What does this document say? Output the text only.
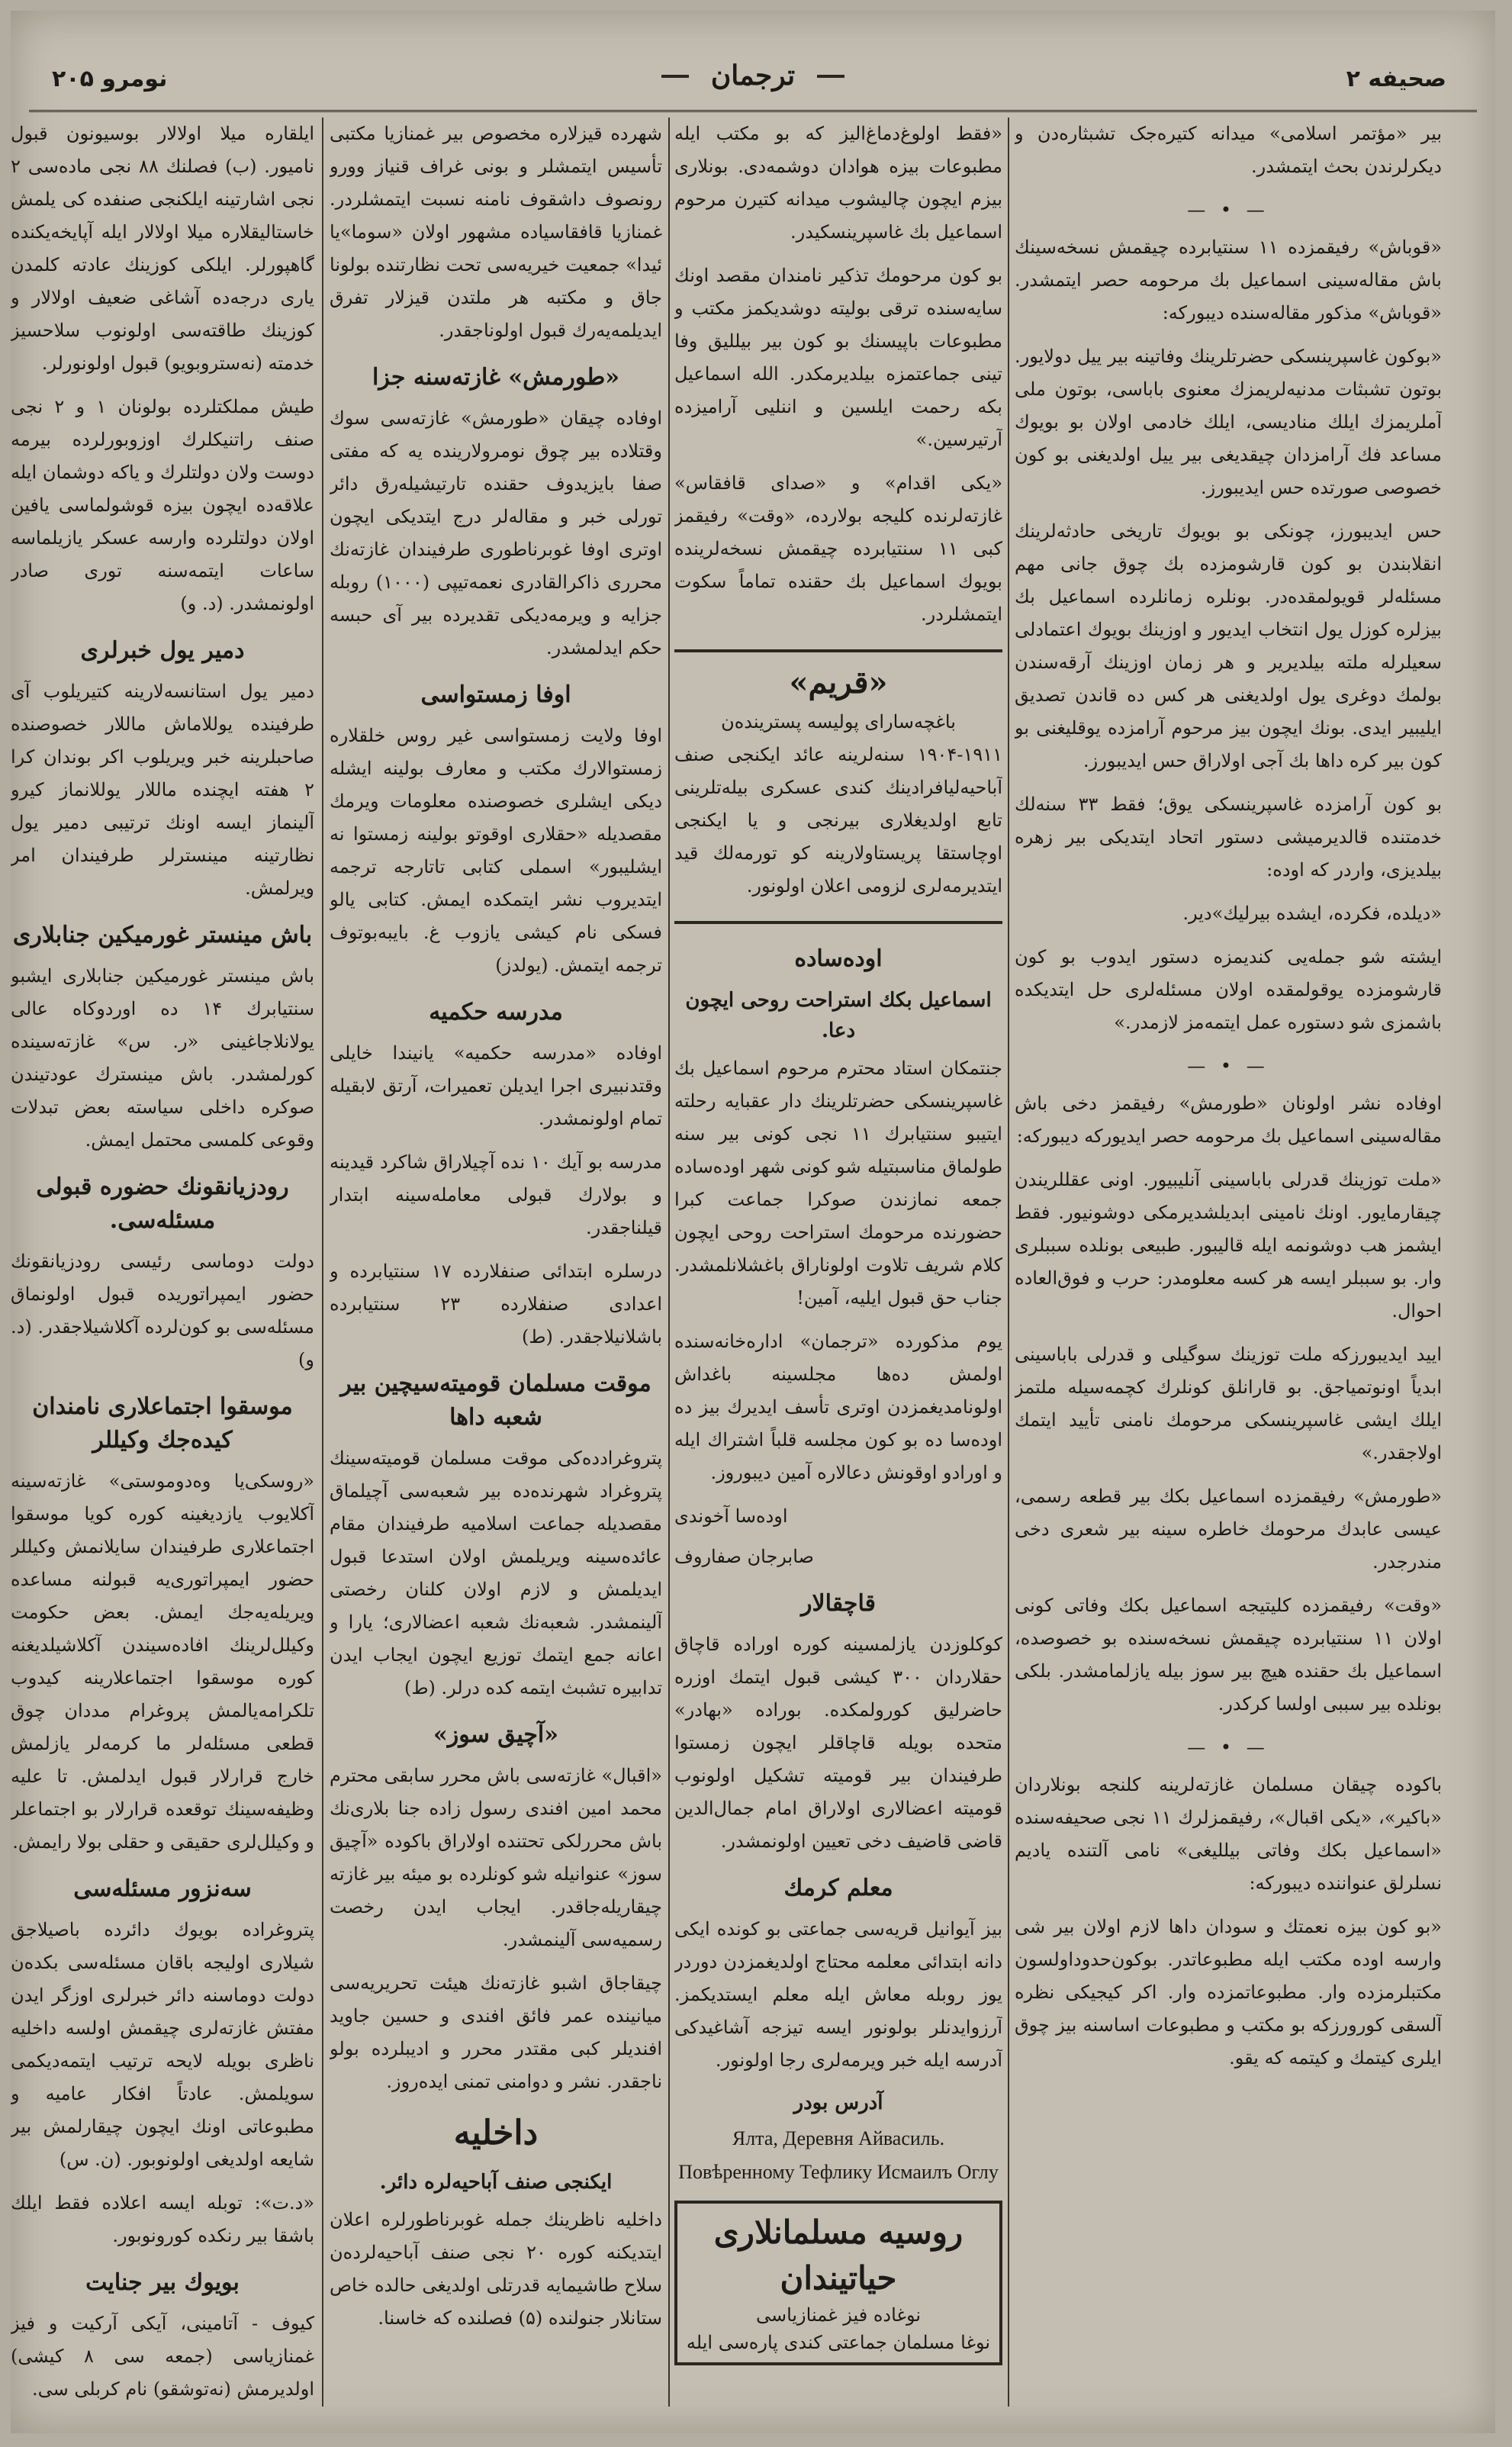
نومرو ۲۰۵	ترجمان	صحیفه ۲

بیر «مؤتمر اسلامی» میدانه کتیره‌جک تشبثاره‌دن و دیکرلرندن بحث ایتمشدر.

— • —

«قوباش» رفیقمزده ۱۱ سنتیابرده چیقمش نسخه‌سینك باش مقاله‌سینی اسماعیل بك مرحومه حصر ایتمشدر. «قوباش» مذکور مقاله‌سنده دیبورکه:

«بوکون غاسپرینسکی حضرتلرینك وفاتینه بیر ییل دولایور. بوتون تشبثات مدنیه‌لریمزك معنوی باباسی، بوتون ملی آملریمزك ایلك مناد‌یسی، ایلك خادمی اولان بو بویوك مساعد فك آرامزدان چیقدیغی بیر ییل اولدیغنی بو کون خصوصی صورتده حس ایدیبورز.

حس ایدیبورز، چونکی بو بویوك تاریخی حادثه‌لرینك انقلابندن بو کون قارشومزده بك چوق جانی مهم مسئله‌لر قویولمقده‌در. بونلره زمانلرده اسماعیل بك بیزلره کوزل یول انتخاب ایدیور و اوزینك بویوك اعتمادلی سعیلرله ملته بیلدیریر و هر زمان اوزینك آرقه‌سندن بولمك دوغری یول اولدیغنی هر کس ده قاندن تصدیق ایلیبیر ایدی. بونك ایچون بیز مرحوم آرامزده یوقلیغنی بو کون بیر کره داها بك آجی اولاراق حس ایدیبورز.

بو کون آرامزده غاسپرینسکی یوق؛ فقط ۳۳ سنه‌لك خدمتنده قالدیرمیشی دستور اتحاد ایتدیکی بیر زهره بیلدیزی، واردر که اوده:

«دیلده، فکرده، ایشده بیرلیك»دیر.

ایشته شو جمله‌یی کندیمزه دستور ایدوب بو کون قارشومزده یوقولمقده اولان مسئله‌لری حل ایتدیکده باشمزی شو دستوره عمل ایتمه‌مز لازمدر.»

— • —

اوفاده نشر اولونان «طورمش» رفیقمز دخی باش مقاله‌سینی اسماعیل بك مرحومه حصر ایدیورکه دیبورکه:

«ملت توزینك قدرلی باباسینی آنلیبیور. اونی عقللریندن چیقارمایور. اونك نامینی ابدیلشدیرمکی دوشونیور. فقط ایشمز هب دوشونمه ایله قالیبور. طبیعی بونلده سببلری وار. بو سببلر ایسه هر کسه معلومدر: حرب و فوق‌العاده احوال.

ایید ایدیبورزکه ملت توزینك سوگیلی و قدرلی باباسینی ابدیاً اونوتمیاجق. بو قارانلق کونلرك کچمه‌سیله ملتمز ایلك ایشی غاسپرینسکی مرحومك نامنی تأیید ایتمك اولاجقدر.»

«طورمش» رفیقمزده اسماعیل بکك بیر قطعه رسمی، عیسی عابدك مرحومك خاطره سینه بیر شعری دخی مندرجدر.

«وقت» رفیقمزده کلیتیجه اسماعیل بکك وفاتی کونی اولان ۱۱ سنتیابرده چیقمش نسخه‌سنده بو خصوصده، اسماعیل بك حقنده هیچ بیر سوز بیله یازلمامشدر. بلکی بونلده بیر سببی اولسا کرکدر.

— • —

باکوده چیقان مسلمان غازته‌لرینه کلنجه بونلاردان «باکیر»، «یکی اقبال»، رفیقمزلرك ۱۱ نجی صحیفه‌سنده «اسماعیل بکك وفاتی بیللیغی» نامی آلتنده یادیم نسلرلق عنواننده دیبورکه:

«بو کون بیزه نعمتك و سودان داها لازم اولان بیر شی وارسه اوده مکتب ایله مطبوعاتدر. بوکون‌حدوداولسون مکتبلرمزده وار. مطبوعاتمزده وار. اکر کیجیکی نظره آلسقی کورورزکه بو مکتب و مطبوعات اساسنه بیز چوق ایلری کیتمك و کیتمه که یقو.

«فقط اولوغ‌دماغ‌الیز که بو مکتب ایله مطبوعات بیزه هوادان دوشمه‌دی. بونلاری بیزم ایچون چالیشوب میدانه کتیرن مرحوم اسماعیل بك غاسپرینسکیدر.

بو کون مرحومك تذکیر نامندان مقصد اونك سایه‌سنده ترقی بولیته دوشدیکمز مکتب و مطبوعات باپیسنك بو کون بیر بیللیق وفا تینی جماعتمزه بیلدیرمکدر. الله اسماعیل بکه رحمت ایلسین و اننلیی آرامیزده آرتیرسین.»

«یکی اقدام» و «صدای قافقاس» غازته‌لرنده کلیجه بولارده، «وقت» رفیقمز کبی ۱۱ سنتیابرده چیقمش نسخه‌لرینده بویوك اسماعیل بك حقنده تماماً سکوت ایتمشلردر.

«قریم»
باغچه‌سارای پولیسه پسترینده‌ن

۱۹۰۴-۱۹۱۱ سنه‌لرینه عائد ایکنجی صنف آباحیه‌لیافرادینك کندی عسکری بیله‌تلرینی تابع اولدیغلاری بیرنجی و یا ایکنجی اوچاستقا پریستاولارینه کو تورمه‌لك قید ایتدیرمه‌لری لزومی اعلان اولونور.

اوده‌ساده
اسماعیل بکك استراحت روحی ایچون دعا.

جنتمکان استاد محترم مرحوم اسماعیل بك غاسپرینسکی حضرتلرینك دار عقبایه رحلته ایتیبو سنتیابرك ۱۱ نجی کونی بیر سنه طولماق مناسبتیله شو کونی شهر اوده‌ساده جمعه نمازندن صوکرا جماعت کبرا حضورنده مرحومك استراحت روحی ایچون کلام شریف تلاوت اولوناراق باغشلانلمشدر. جناب حق قبول ایلیه، آمین!

یوم مذکورده «ترجمان» اداره‌خانه‌سنده اولمش ده‌ها مجلسینه باغداش اولونامدیغمزدن اوتری تأسف ایدیرك بیز ده اوده‌سا ده بو کون مجلسه قلباً اشتراك ایله و اورادو اوقونش دعالاره آمین دیبوروز.

اوده‌سا آخوندی
صابرجان صفاروف
قاچقالار

کوکلوزدن یازلمسینه کوره اوراده قاچاق حقلاردان ۳۰۰ کیشی قبول ایتمك اوزره حاضرلیق کورولمکده. بوراده «بهادر» متحده بویله قاچاقلر ایچون زمستوا طرفیندان بیر قومیته تشکیل اولونوب قومیته اعضالاری اولاراق امام جمال‌الدین قاضی قاضیف دخی تعیین اولونمشدر.

معلم کرمك

بیز آیوانیل قریه‌سی جماعتی بو کونده ایکی دانه ابتدائی معلمه محتاج اولدیغمزدن دوردر یوز روبله معاش ایله معلم ایستدیکمز. آرزوایدنلر بولونور ایسه تیزجه آشاغیدکی آدرسه ایله خبر ویرمه‌لری رجا اولونور.

آدرس بودر
Ялта, Деревня Айвасиль.
Повѣренному Тефлику Исмаилъ Оглу
روسیه مسلمانلاری حیاتیندان
نوغاده فیز غمنازیاسی
نوغا مسلمان جماعتی کندی پاره‌سی ایله

شهرده قیزلاره مخصوص بیر غمنازیا مکتبی تأسیس ایتمشلر و بونی غراف قنیاز وورو رونصوف داشقوف نامنه نسبت ایتمشلردر. غمنازیا قافقاسیاده مشهور اولان «سوما»یا ئیدا» جمعیت خیریه‌سی تحت نظارتنده بولونا جاق و مکتبه هر ملتدن قیزلار تفرق ایدیلمه‌یه‌رك قبول اولوناجقدر.

«طورمش» غازته‌سنه جزا

اوفاده چیقان «طورمش» غازته‌سی سوك وقتلاده بیر چوق نومرولارینده یه که مفتی صفا بایزیدوف حقنده تارتیشیله‌رق دائر تورلی خبر و مقاله‌لر درج ایتدیکی ایچون اوتری اوفا غوبرناطوری طرفیندان غازته‌نك محرری ذاکرالقادری نعمه‌تیپی (۱۰۰۰) روبله جزایه و ویرمه‌دیکی تقدیرده بیر آی حبسه حکم ایدلمشدر.

اوفا زمستواسی

اوفا ولایت زمستواسی غیر روس خلقلاره زمستوالارك مکتب و معارف بولینه ایشله دیکی ایشلری خصوصنده معلومات ویرمك مقصدیله «حقلاری اوقوتو بولینه زمستوا نه ایشلیبور» اسملی کتابی تاتارجه ترجمه ایتدیروب نشر ایتمکده ایمش. کتابی یالو فسکی نام کیشی یازوب غ. بایبه‌بوتوف ترجمه ایتمش. (یولدز)

مدرسه حکمیه

اوفاده «مدرسه حکمیه» یانیندا خایلی وقتدنبیری اجرا ایدیلن تعمیرات، آرتق لابقیله تمام اولونمشدر.

مدرسه بو آیك ۱۰ نده آچیلاراق شاکرد قیدینه و بولارك قبولی معامله‌سینه ابتدار قیلناجقدر.

درسلره ابتدائی صنفلارده ۱۷ سنتیابرده و اعدادی صنفلارده ۲۳ سنتیابرده باشلانیلاجقدر. (ط)

موقت مسلمان قومیته‌سیچین بیر شعبه داها

پتروغرادده‌کی موقت مسلمان قومیته‌سینك پتروغراد شهرنده‌ده بیر شعبه‌سی آچیلماق مقصدیله جماعت اسلامیه طرفیندان مقام عائده‌سینه ویریلمش اولان استدعا قبول ایدیلمش و لازم اولان کلنان رخصتی آلینمشدر. شعبه‌نك شعبه اعضالاری؛ یارا و اعانه جمع ایتمك توزیع ایچون ایجاب ایدن تدابیره تشبث ایتمه کده درلر. (ط)

«آچیق سوز»

«اقبال» غازته‌سی باش محرر سابقی محترم محمد امین افندی رسول زاده جنا بلاری‌نك باش محررلکی تحتنده اولاراق باکوده «آچیق سوز» عنوانیله شو کونلرده بو میئه بیر غازته چیقاریله‌جاقدر. ایجاب ایدن رخصت رسمیه‌سی آلینمشدر.

چیقاجاق اشبو غازته‌نك هیئت تحریریه‌سی میانینده عمر فائق افندی و حسین جاوید افندیلر کبی مقتدر محرر و ادیبلرده بولو ناجقدر. نشر و دوامنی تمنی ایده‌روز.

داخلیه
ایکنجی صنف آباحیه‌لره دائر.

داخلیه ناظرینك جمله غوبرناطورلره اعلان ایتدیکنه کوره ۲۰ نجی صنف آباحیه‌لرده‌ن سلاح طاشیمایه قدرتلی اولدیغی حالده خاص ستانلار جنولنده (۵) فصلنده که خاسنا.

ایلقاره میلا اولالار بوسیونون قبول نامیور. (ب) فصلنك ۸۸ نجی ماده‌سی ۲ نجی اشارتینه ایلکنجی صنفده کی یلمش خاستالیقلاره میلا اولالار ایله آپایخه‌یکنده گاهپورلر. ایلکی کوزینك عادته کلمدن یاری درجه‌ده آشاغی ضعیف اولالار و کوزینك طاقته‌سی اولونوب سلاحسیز خدمته (نه‌ستروبویو) قبول اولونورلر.

طیش مملکتلرده بولونان ۱ و ۲ نجی صنف راتنیکلرك اوزوبورلرده بیرمه دوست ولان دولتلرك و یاکه دوشمان ایله علاقه‌ده ایچون بیزه قوشولماسی یافین اولان دولتلرده وارسه عسکر یازیلماسه ساعات ایتمه‌سنه توری صادر اولونمشدر. (د. و)

دمیر یول خبرلری

دمیر یول استانسه‌لارینه کتیریلوب آی طرفینده یوللاماش ماللار خصوصنده صاحبلرینه خبر ویریلوب اکر بوندان کرا ۲ هفته ایچنده ماللار یوللانماز کیرو آلینماز ایسه اونك ترتیبی دمیر یول نظارتینه مینسترلر طرفیندان امر ویرلمش.

باش مینستر غورمیکین جنابلاری

باش مینستر غورمیکین جنابلاری ایشبو سنتیابرك ۱۴ ده اوردوکاه عالی یولانلاجاغینی «ر. س» غازته‌سینده کورلمشدر. باش مینسترك عودتیندن صوکره داخلی سیاسته بعض تبدلات وقوعی کلمسی محتمل ایمش.

رودزیانقونك حضوره قبولی مسئله‌سی.

دولت دوماسی رئیسی رودزیانقونك حضور ایمپراتوریده قبول اولونماق مسئله‌سی بو کون‌لرده آکلاشیلاجقدر. (د. و)

موسقوا اجتماعلاری نامندان کیده‌جك وکیللر

«روسکی‌یا وه‌دوموستی» غازته‌سینه آکلایوب یازدیغینه کوره کویا موسقوا اجتماعلاری طرفیندان سایلانمش وکیللر حضور ایمپراتوری‌یه قبولنه مساعده ویریله‌یه‌جك ایمش. بعض حکومت وکیلل‌لرینك افاده‌سیندن آکلاشیلدیغنه کوره موسقوا اجتماعلارینه کیدوب تلکرامه‌یالمش پروغرام مددان چوق قطعی مسئله‌لر ما کرمه‌لر یازلمش خارج قرارلار قبول ایدلمش. تا علیه وظیفه‌سینك توقعده قرارلار بو اجتماعلر و وکیلل‌لری حقیقی و حقلی بولا رایمش.

سه‌نزور مسئله‌سی

پتروغراده بویوك دائرده باصیلاجق شیلاری اولیجه باقان مسئله‌سی بکده‌ن دولت دوماسنه دائر خبرلری اوزگر ایدن مفتش غازته‌لری چیقمش اولسه داخلیه ناظری بویله لایحه ترتیب ایتمه‌دیکمی سویلمش. عادتاً افکار عامیه و مطبوعاتی اونك ایچون چیقارلمش بیر شایعه اولدیغی اولونوبور. (ن. س)

«د.ت»: توبله ایسه اعلاده فقط ایلك باشقا بیر رنکده کورونوبور.

بویوك بیر جنایت

کیوف - آتامینی، آیکی آرکیت و فیز غمنازیاسی (جمعه سی ۸ کیشی) اولدیرمش (نه‌توشقو) نام کربلی سی.
